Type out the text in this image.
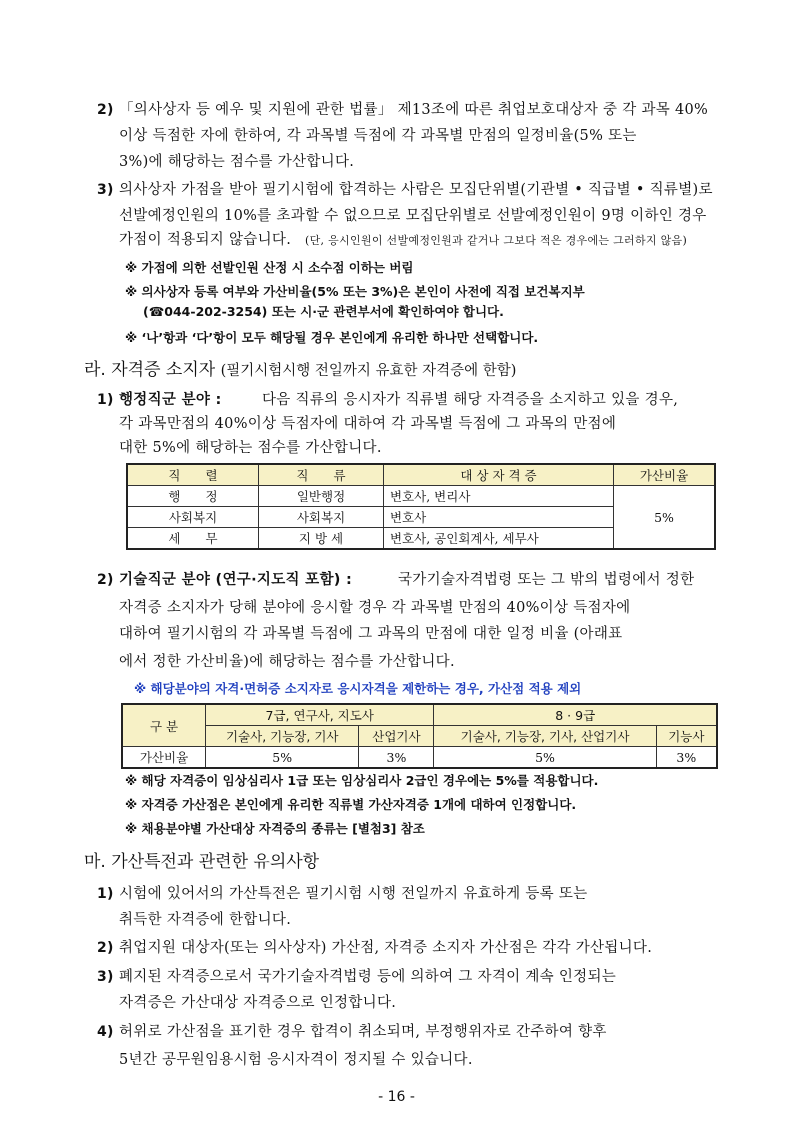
2) 「의사상자 등 예우 및 지원에 관한 법률」 제13조에 따른 취업보호대상자 중 각 과목 40%

이상 득점한 자에 한하여, 각 과목별 득점에 각 과목별 만점의 일정비율(5% 또는

3%)에 해당하는 점수를 가산합니다.

3) 의사상자 가점을 받아 필기시험에 합격하는 사람은 모집단위별(기관별 • 직급별 • 직류별)로

선발예정인원의 10%를 초과할 수 없으므로 모집단위별로 선발예정인원이 9명 이하인 경우

가점이 적용되지 않습니다. (단, 응시인원이 선발예정인원과 같거나 그보다 적은 경우에는 그러하지 않음)

※ 가점에 의한 선발인원 산정 시 소수점 이하는 버림

※ 의사상자 등록 여부와 가산비율(5% 또는 3%)은 본인이 사전에 직접 보건복지부

(☎044-202-3254) 또는 시·군 관련부서에 확인하여야 합니다.

※ ‘나’항과 ‘다’항이 모두 해당될 경우 본인에게 유리한 하나만 선택합니다.

라. 자격증 소지자 (필기시험시행 전일까지 유효한 자격증에 한함)

1) 행정직군 분야 :	다음 직류의 응시자가 직류별 해당 자격증을 소지하고 있을 경우,

각 과목만점의 40%이상 득점자에 대하여 각 과목별 득점에 그 과목의 만점에

대한 5%에 해당하는 점수를 가산합니다.

직　　렬	직　　류	대 상 자 격 증	가산비율
행　　정	일반행정	변호사, 변리사	5%
사회복지	사회복지	변호사	
세　　무	지 방 세	변호사, 공인회계사, 세무사	
2) 기술직군 분야 (연구·지도직 포함) :	국가기술자격법령 또는 그 밖의 법령에서 정한

자격증 소지자가 당해 분야에 응시할 경우 각 과목별 만점의 40%이상 득점자에

대하여 필기시험의 각 과목별 득점에 그 과목의 만점에 대한 일정 비율 (아래표

에서 정한 가산비율)에 해당하는 점수를 가산합니다.

※ 해당분야의 자격·면허증 소지자로 응시자격을 제한하는 경우, 가산점 적용 제외

구 분	7급, 연구사, 지도사		8 · 9급	
	기술사, 기능장, 기사	산업기사	기술사, 기능장, 기사, 산업기사	기능사
가산비율	5%	3%	5%	3%

※ 해당 자격증이 임상심리사 1급 또는 임상심리사 2급인 경우에는 5%를 적용합니다.

※ 자격증 가산점은 본인에게 유리한 직류별 가산자격증 1개에 대하여 인정합니다.

※ 채용분야별 가산대상 자격증의 종류는 [별첨3] 참조

마. 가산특전과 관련한 유의사항

1) 시험에 있어서의 가산특전은 필기시험 시행 전일까지 유효하게 등록 또는

취득한 자격증에 한합니다.

2) 취업지원 대상자(또는 의사상자) 가산점, 자격증 소지자 가산점은 각각 가산됩니다.

3) 폐지된 자격증으로서 국가기술자격법령 등에 의하여 그 자격이 계속 인정되는

자격증은 가산대상 자격증으로 인정합니다.

4) 허위로 가산점을 표기한 경우 합격이 취소되며, 부정행위자로 간주하여 향후

5년간 공무원임용시험 응시자격이 정지될 수 있습니다.

- 16 -
